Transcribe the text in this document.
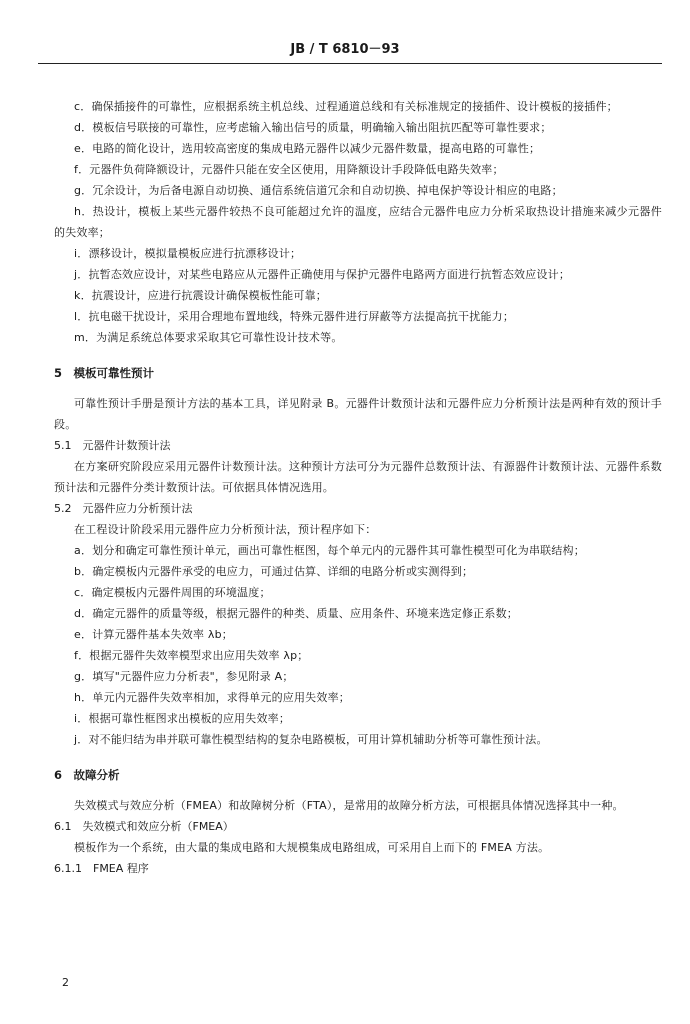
JB / T 6810－93

c．确保插接件的可靠性，应根据系统主机总线、过程通道总线和有关标准规定的接插件、设计模板的接插件；

d．模板信号联接的可靠性，应考虑输入输出信号的质量，明确输入输出阻抗匹配等可靠性要求；

e．电路的简化设计，选用较高密度的集成电路元器件以减少元器件数量，提高电路的可靠性；

f．元器件负荷降额设计，元器件只能在安全区使用，用降额设计手段降低电路失效率；

g．冗余设计，为后备电源自动切换、通信系统信道冗余和自动切换、掉电保护等设计相应的电路；

h．热设计，模板上某些元器件较热不良可能超过允许的温度，应结合元器件电应力分析采取热设计措施来减少元器件的失效率；

i．漂移设计，模拟量模板应进行抗漂移设计；

j．抗暂态效应设计，对某些电路应从元器件正确使用与保护元器件电路两方面进行抗暂态效应设计；

k．抗震设计，应进行抗震设计确保模板性能可靠；

l．抗电磁干扰设计，采用合理地布置地线，特殊元器件进行屏蔽等方法提高抗干扰能力；

m．为满足系统总体要求采取其它可靠性设计技术等。

5　模板可靠性预计

可靠性预计手册是预计方法的基本工具，详见附录 B。元器件计数预计法和元器件应力分析预计法是两种有效的预计手段。

5.1　元器件计数预计法

在方案研究阶段应采用元器件计数预计法。这种预计方法可分为元器件总数预计法、有源器件计数预计法、元器件系数预计法和元器件分类计数预计法。可依据具体情况选用。

5.2　元器件应力分析预计法

在工程设计阶段采用元器件应力分析预计法，预计程序如下：

a．划分和确定可靠性预计单元，画出可靠性框图，每个单元内的元器件其可靠性模型可化为串联结构；

b．确定模板内元器件承受的电应力，可通过估算、详细的电路分析或实测得到；

c．确定模板内元器件周围的环境温度；

d．确定元器件的质量等级，根据元器件的种类、质量、应用条件、环境来选定修正系数；

e．计算元器件基本失效率 λb；

f．根据元器件失效率模型求出应用失效率 λp；

g．填写"元器件应力分析表"，参见附录 A；

h．单元内元器件失效率相加，求得单元的应用失效率；

i．根据可靠性框图求出模板的应用失效率；

j．对不能归结为串并联可靠性模型结构的复杂电路模板，可用计算机辅助分析等可靠性预计法。

6　故障分析

失效模式与效应分析（FMEA）和故障树分析（FTA），是常用的故障分析方法，可根据具体情况选择其中一种。

6.1　失效模式和效应分析（FMEA）

模板作为一个系统，由大量的集成电路和大规模集成电路组成，可采用自上而下的 FMEA 方法。

6.1.1　FMEA 程序

2
